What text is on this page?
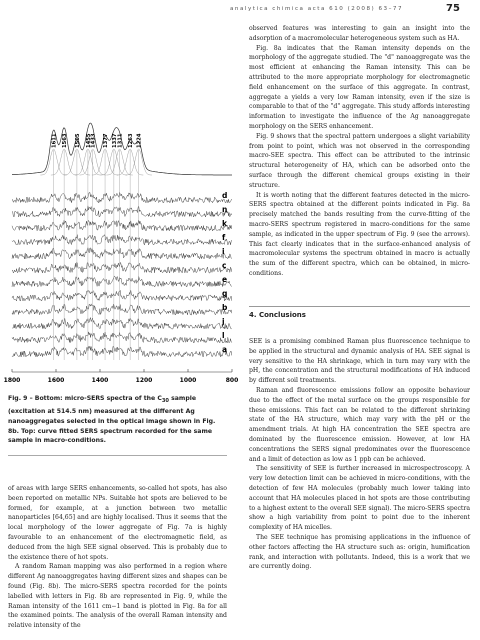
analytica chimica acta 610 (2008) 63–77	75
1800	1600	1400	1200	1000	800
1611 1563 1505 1455
1433 1377 1337 1311 1263 1224
d
n
k
f
i
c
e
g
b
j
l
a
Fig. 9 – Bottom: micro-SERS spectra of the $C_{30}$ sample (excitation at 514.5 nm) measured at the different Ag nanoaggregates selected in the optical image shown in Fig. 8b. Top: curve fitted SERS spectrum recorded for the same sample in macro-conditions.

of areas with large SERS enhancements, so-called hot spots, has also been reported on metallic NPs. Suitable hot spots are believed to be formed, for example, at a junction between two metallic nanoparticles [64,65] and are highly localised. Thus it seems that the local morphology of the lower aggregate of Fig. 7a is highly favourable to an enhancement of the electromagnetic field, as deduced from the high SEE signal observed. This is probably due to the existence there of hot spots.

A random Raman mapping was also performed in a region where different Ag nanoaggregates having different sizes and shapes can be found (Fig. 8b). The micro-SERS spectra recorded for the points labelled with letters in Fig. 8b are represented in Fig. 9, while the Raman intensity of the 1611 cm−1 band is plotted in Fig. 8a for all the examined points. The analysis of the overall Raman intensity and relative intensity of the

observed features was interesting to gain an insight into the adsorption of a macromolecular heterogeneous system such as HA.

Fig. 8a indicates that the Raman intensity depends on the morphology of the aggregate studied. The "d" nanoaggregate was the most efficient at enhancing the Raman intensity. This can be attributed to the more appropriate morphology for electromagnetic field enhancement on the surface of this aggregate. In contrast, aggregate a yields a very low Raman intensity, even if the size is comparable to that of the "d" aggregate. This study affords interesting information to investigate the influence of the Ag nanoaggregate morphology on the SERS enhancement.

Fig. 9 shows that the spectral pattern undergoes a slight variability from point to point, which was not observed in the corresponding macro-SEE spectra. This effect can be attributed to the intrinsic structural heterogeneity of HA, which can be adsorbed onto the surface through the different chemical groups existing in their structure.

It is worth noting that the different features detected in the micro-SERS spectra obtained at the different points indicated in Fig. 8a precisely matched the bands resulting from the curve-fitting of the macro-SERS spectrum registered in macro-conditions for the same sample, as indicated in the upper spectrum of Fig. 9 (see the arrows). This fact clearly indicates that in the surface-enhanced analysis of macromolecular systems the spectrum obtained in macro is actually the sum of the different spectra, which can be obtained, in micro-conditions.

4. Conclusions

SEE is a promising combined Raman plus fluorescence technique to be applied in the structural and dynamic analysis of HA. SEE signal is very sensitive to the HA shrinkage, which in turn may vary with the pH, the concentration and the structural modifications of HA induced by different soil treatments.

Raman and fluorescence emissions follow an opposite behaviour due to the effect of the metal surface on the groups responsible for these emissions. This fact can be related to the different shrinking state of the HA structure, which may vary with the pH or the amendment trials. At high HA concentration the SEE spectra are dominated by the fluorescence emission. However, at low HA concentrations the SERS signal predominates over the fluorescence and a limit of detection as low as 1 ppb can be achieved.

The sensitivity of SEE is further increased in microspectroscopy. A very low detection limit can be achieved in micro-conditions, with the detection of few HA molecules (probably much lower taking into account that HA molecules placed in hot spots are those contributing to a highest extent to the overall SEE signal). The micro-SERS spectra show a high variability from point to point due to the inherent complexity of HA micelles.

The SEE technique has promising applications in the influence of other factors affecting the HA structure such as: origin, humification rank, and interaction with pollutants. Indeed, this is a work that we are currently doing.
